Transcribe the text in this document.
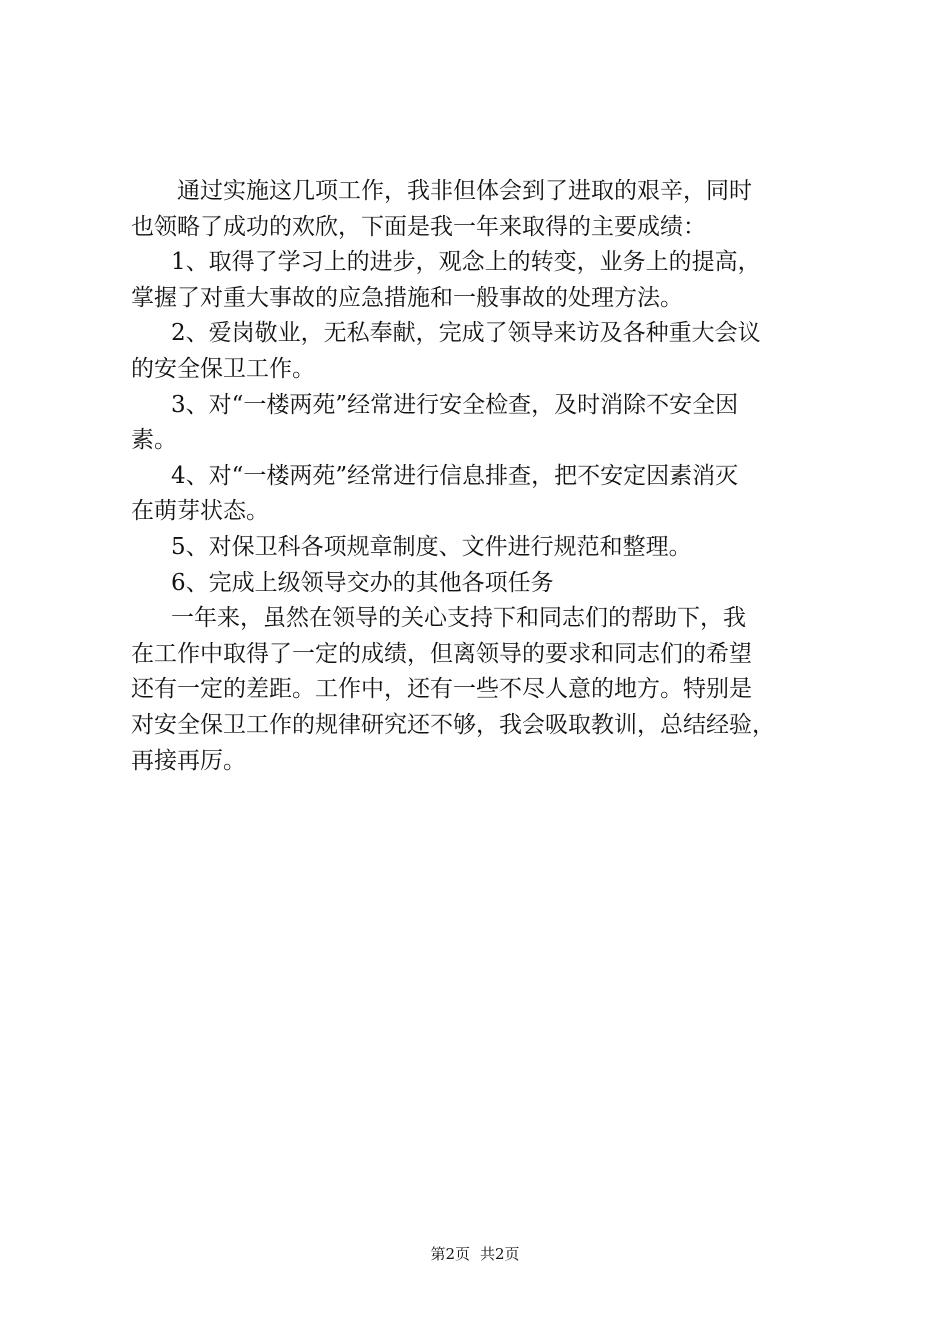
通过实施这几项工作，我非但体会到了进取的艰辛，同时
也领略了成功的欢欣，下面是我一年来取得的主要成绩：
1、取得了学习上的进步，观念上的转变，业务上的提高，
掌握了对重大事故的应急措施和一般事故的处理方法。
2、爱岗敬业，无私奉献，完成了领导来访及各种重大会议
的安全保卫工作。
3、对“一楼两苑”经常进行安全检查，及时消除不安全因
素。
4、对“一楼两苑”经常进行信息排查，把不安定因素消灭
在萌芽状态。
5、对保卫科各项规章制度、文件进行规范和整理。
6、完成上级领导交办的其他各项任务
一年来，虽然在领导的关心支持下和同志们的帮助下，我
在工作中取得了一定的成绩，但离领导的要求和同志们的希望
还有一定的差距。工作中，还有一些不尽人意的地方。特别是
对安全保卫工作的规律研究还不够，我会吸取教训，总结经验，
再接再厉。
第2页 共2页
